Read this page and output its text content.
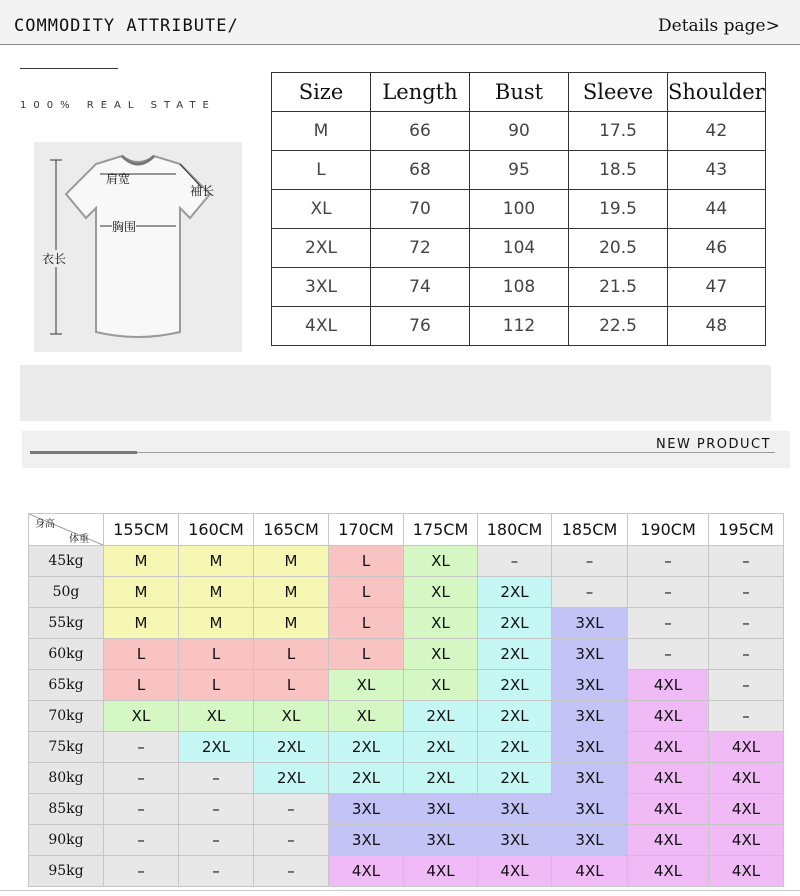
COMMODITY ATTRIBUTE/	Details page>
100% REAL STATE
肩宽
袖长
胸围
衣长
Size	Length	Bust	Sleeve	Shoulder
M	66	90	17.5	42
L	68	95	18.5	43
XL	70	100	19.5	44
2XL	72	104	20.5	46
3XL	74	108	21.5	47
4XL	76	112	22.5	48
NEW PRODUCT
身高
体重	155CM	160CM	165CM	170CM	175CM	180CM	185CM	190CM	195CM
45kg	M	M	M	L	XL	–	–	–	–
50g	M	M	M	L	XL	2XL	–	–	–
55kg	M	M	M	L	XL	2XL	3XL	–	–
60kg	L	L	L	L	XL	2XL	3XL	–	–
65kg	L	L	L	XL	XL	2XL	3XL	4XL	–
70kg	XL	XL	XL	XL	2XL	2XL	3XL	4XL	–
75kg	–	2XL	2XL	2XL	2XL	2XL	3XL	4XL	4XL
80kg	–	–	2XL	2XL	2XL	2XL	3XL	4XL	4XL
85kg	–	–	–	3XL	3XL	3XL	3XL	4XL	4XL
90kg	–	–	–	3XL	3XL	3XL	3XL	4XL	4XL
95kg	–	–	–	4XL	4XL	4XL	4XL	4XL	4XL
